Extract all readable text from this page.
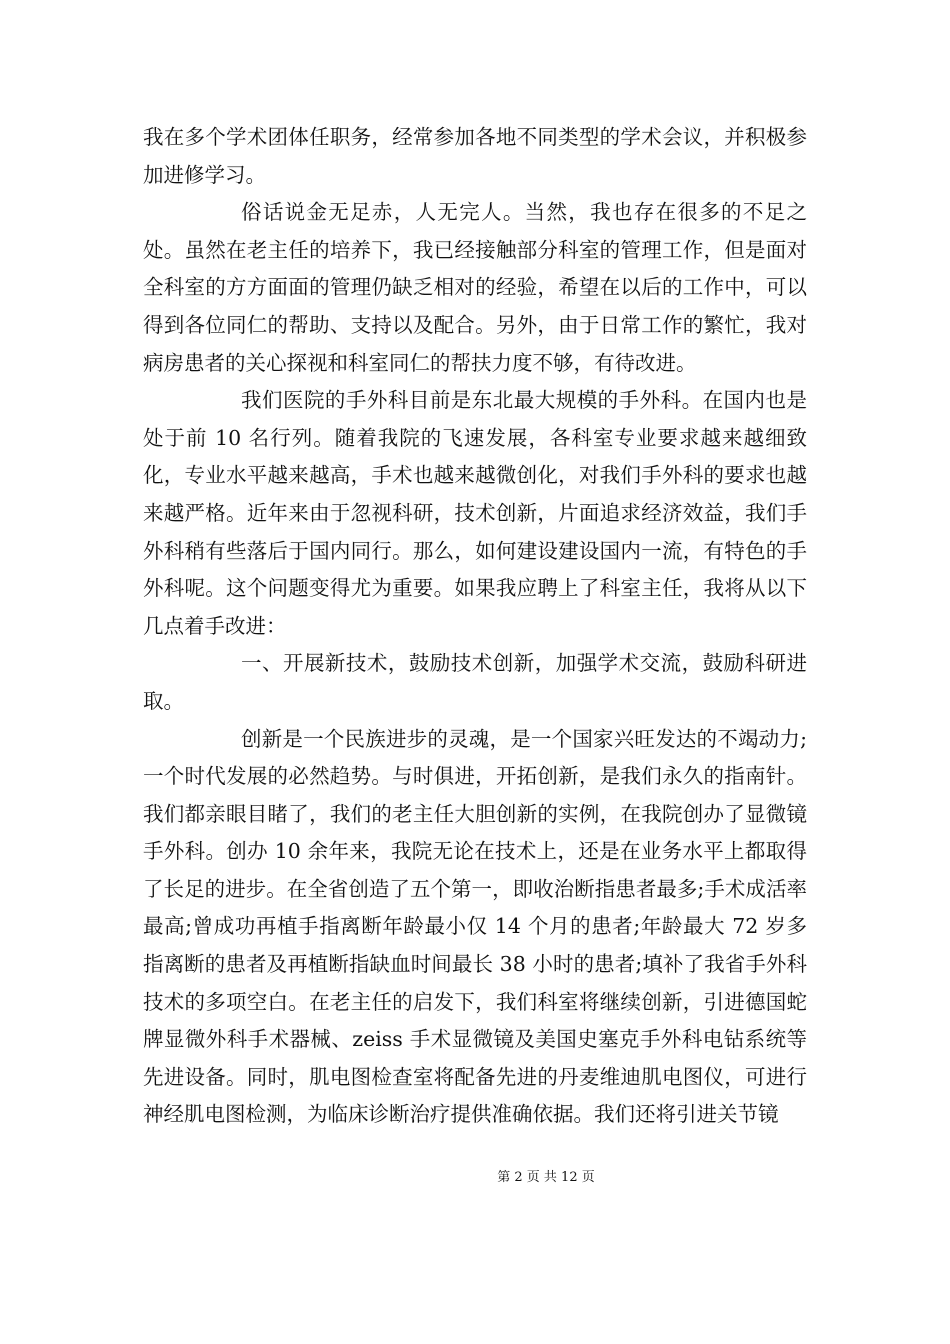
我在多个学术团体任职务，经常参加各地不同类型的学术会议，并积极参加进修学习。

俗话说金无足赤，人无完人。当然，我也存在很多的不足之处。虽然在老主任的培养下，我已经接触部分科室的管理工作，但是面对全科室的方方面面的管理仍缺乏相对的经验，希望在以后的工作中，可以得到各位同仁的帮助、支持以及配合。另外，由于日常工作的繁忙，我对病房患者的关心探视和科室同仁的帮扶力度不够，有待改进。

我们医院的手外科目前是东北最大规模的手外科。在国内也是处于前 10 名行列。随着我院的飞速发展，各科室专业要求越来越细致化，专业水平越来越高，手术也越来越微创化，对我们手外科的要求也越来越严格。近年来由于忽视科研，技术创新，片面追求经济效益，我们手外科稍有些落后于国内同行。那么，如何建设建设国内一流，有特色的手外科呢。这个问题变得尤为重要。如果我应聘上了科室主任，我将从以下几点着手改进：

一、开展新技术，鼓励技术创新，加强学术交流，鼓励科研进取。

创新是一个民族进步的灵魂，是一个国家兴旺发达的不竭动力;一个时代发展的必然趋势。与时俱进，开拓创新，是我们永久的指南针。我们都亲眼目睹了，我们的老主任大胆创新的实例，在我院创办了显微镜手外科。创办 10 余年来，我院无论在技术上，还是在业务水平上都取得了长足的进步。在全省创造了五个第一，即收治断指患者最多;手术成活率最高;曾成功再植手指离断年龄最小仅 14 个月的患者;年龄最大 72 岁多指离断的患者及再植断指缺血时间最长 38 小时的患者;填补了我省手外科技术的多项空白。在老主任的启发下，我们科室将继续创新，引进德国蛇牌显微外科手术器械、zeiss 手术显微镜及美国史塞克手外科电钻系统等先进设备。同时，肌电图检查室将配备先进的丹麦维迪肌电图仪，可进行神经肌电图检测，为临床诊断治疗提供准确依据。我们还将引进关节镜

第 2 页 共 12 页
